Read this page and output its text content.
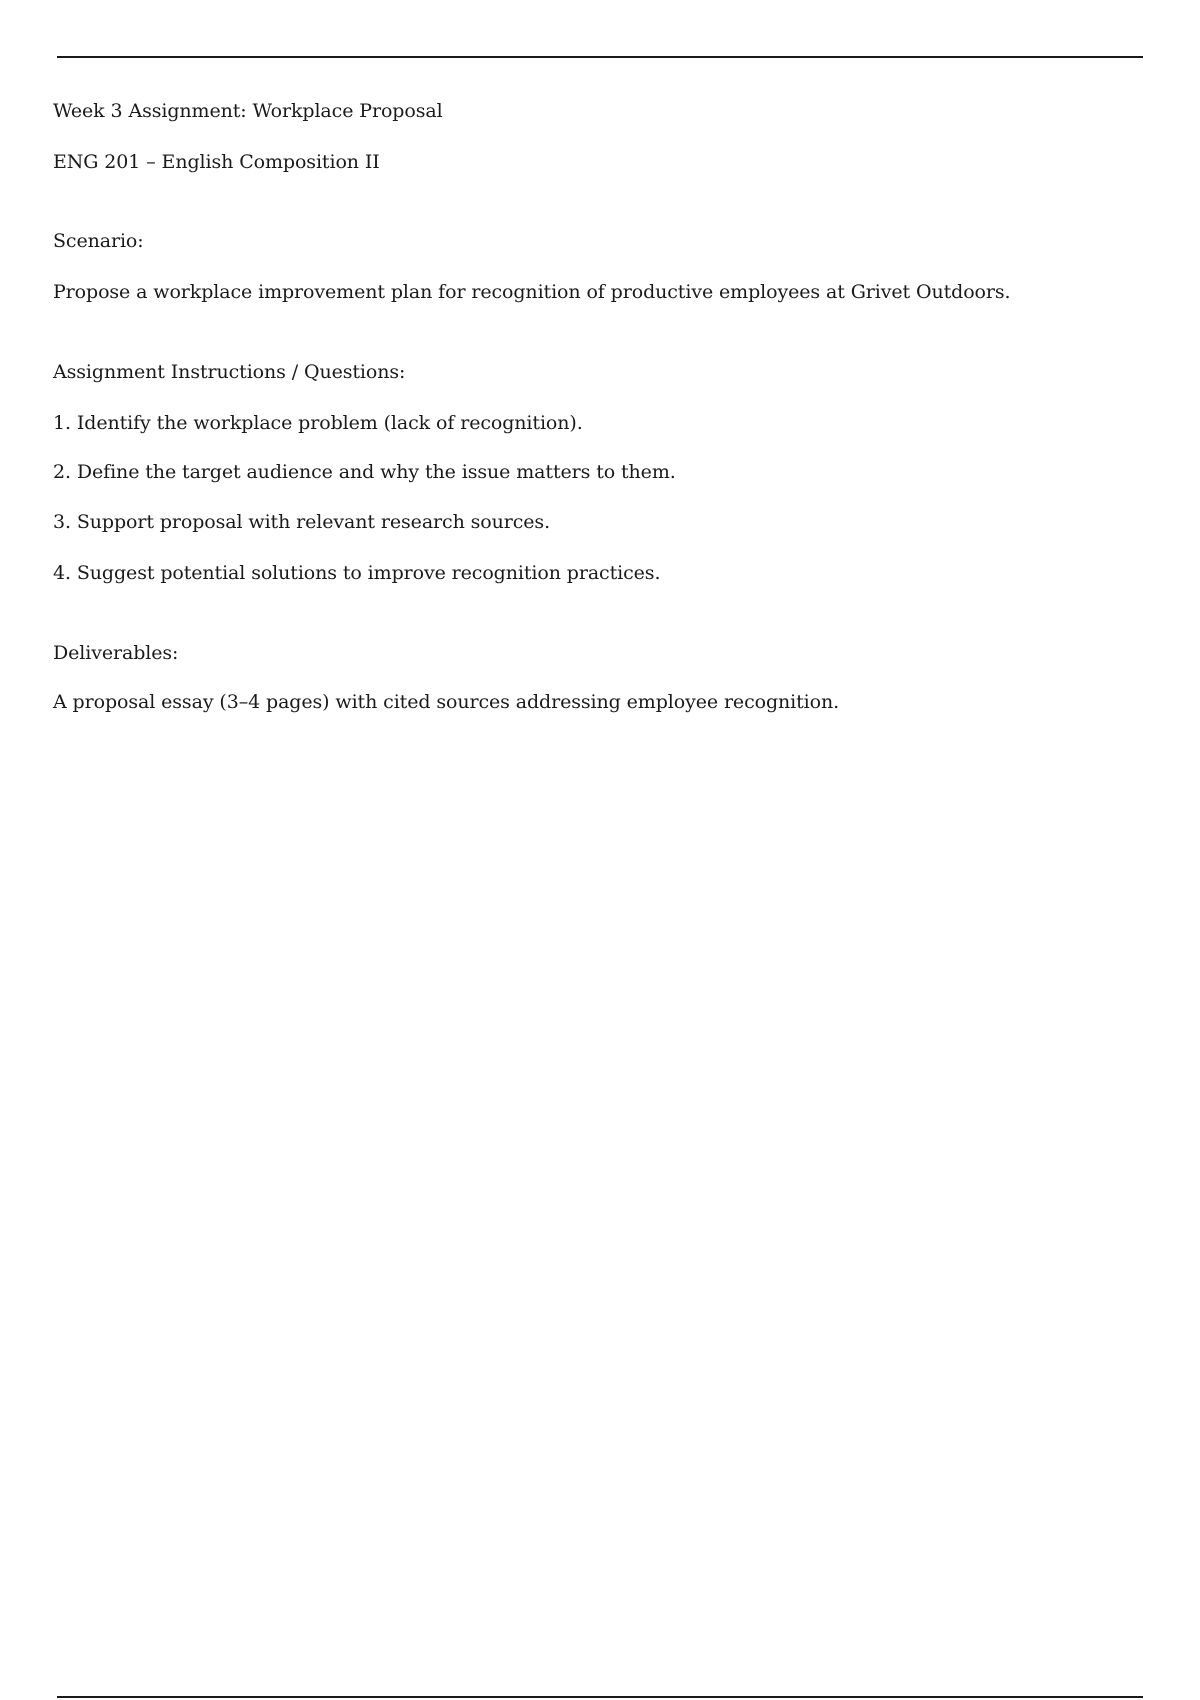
Week 3 Assignment: Workplace Proposal
ENG 201 – English Composition II
Scenario:
Propose a workplace improvement plan for recognition of productive employees at Grivet Outdoors.
Assignment Instructions / Questions:
1. Identify the workplace problem (lack of recognition).
2. Define the target audience and why the issue matters to them.
3. Support proposal with relevant research sources.
4. Suggest potential solutions to improve recognition practices.
Deliverables:
A proposal essay (3–4 pages) with cited sources addressing employee recognition.
